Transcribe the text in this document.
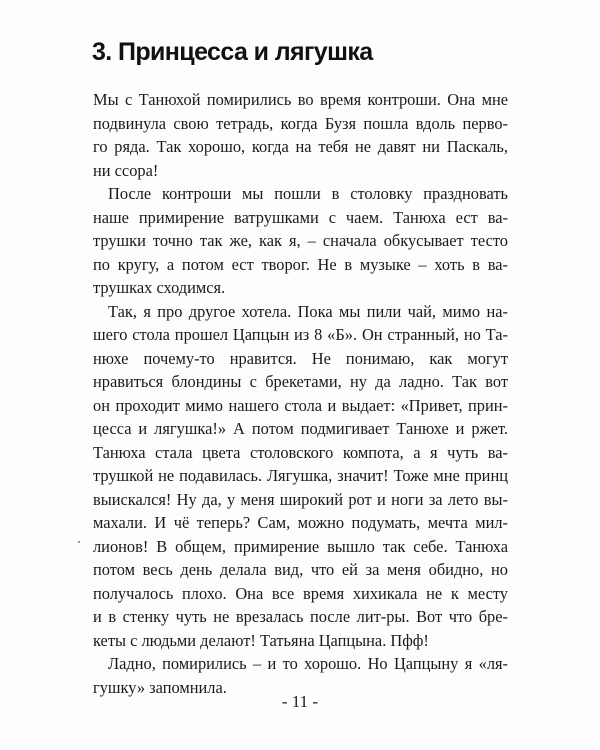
3. Принцесса и лягушка
Мы с Танюхой помирились во время контроши. Она мне
подвинула свою тетрадь, когда Бузя пошла вдоль перво-
го ряда. Так хорошо, когда на тебя не давят ни Паскаль,
ни ссора!
После контроши мы пошли в столовку праздновать
наше примирение ватрушками с чаем. Танюха ест ва-
трушки точно так же, как я, – сначала обкусывает тесто
по кругу, а потом ест творог. Не в музыке – хоть в ва-
трушках сходимся.
Так, я про другое хотела. Пока мы пили чай, мимо на-
шего стола прошел Цапцын из 8 «Б». Он странный, но Та-
нюхе почему-то нравится. Не понимаю, как могут
нравиться блондины с брекетами, ну да ладно. Так вот
он проходит мимо нашего стола и выдает: «Привет, прин-
цесса и лягушка!» А потом подмигивает Танюхе и ржет.
Танюха стала цвета столовского компота, а я чуть ва-
трушкой не подавилась. Лягушка, значит! Тоже мне принц
выискался! Ну да, у меня широкий рот и ноги за лето вы-
махали. И чё теперь? Сам, можно подумать, мечта мил-
лионов! В общем, примирение вышло так себе. Танюха
потом весь день делала вид, что ей за меня обидно, но
получалось плохо. Она все время хихикала не к месту
и в стенку чуть не врезалась после лит-ры. Вот что бре-
кеты с людьми делают! Татьяна Цапцына. Пфф!
Ладно, помирились – и то хорошо. Но Цапцыну я «ля-
гушку» запомнила.
- 11 -
